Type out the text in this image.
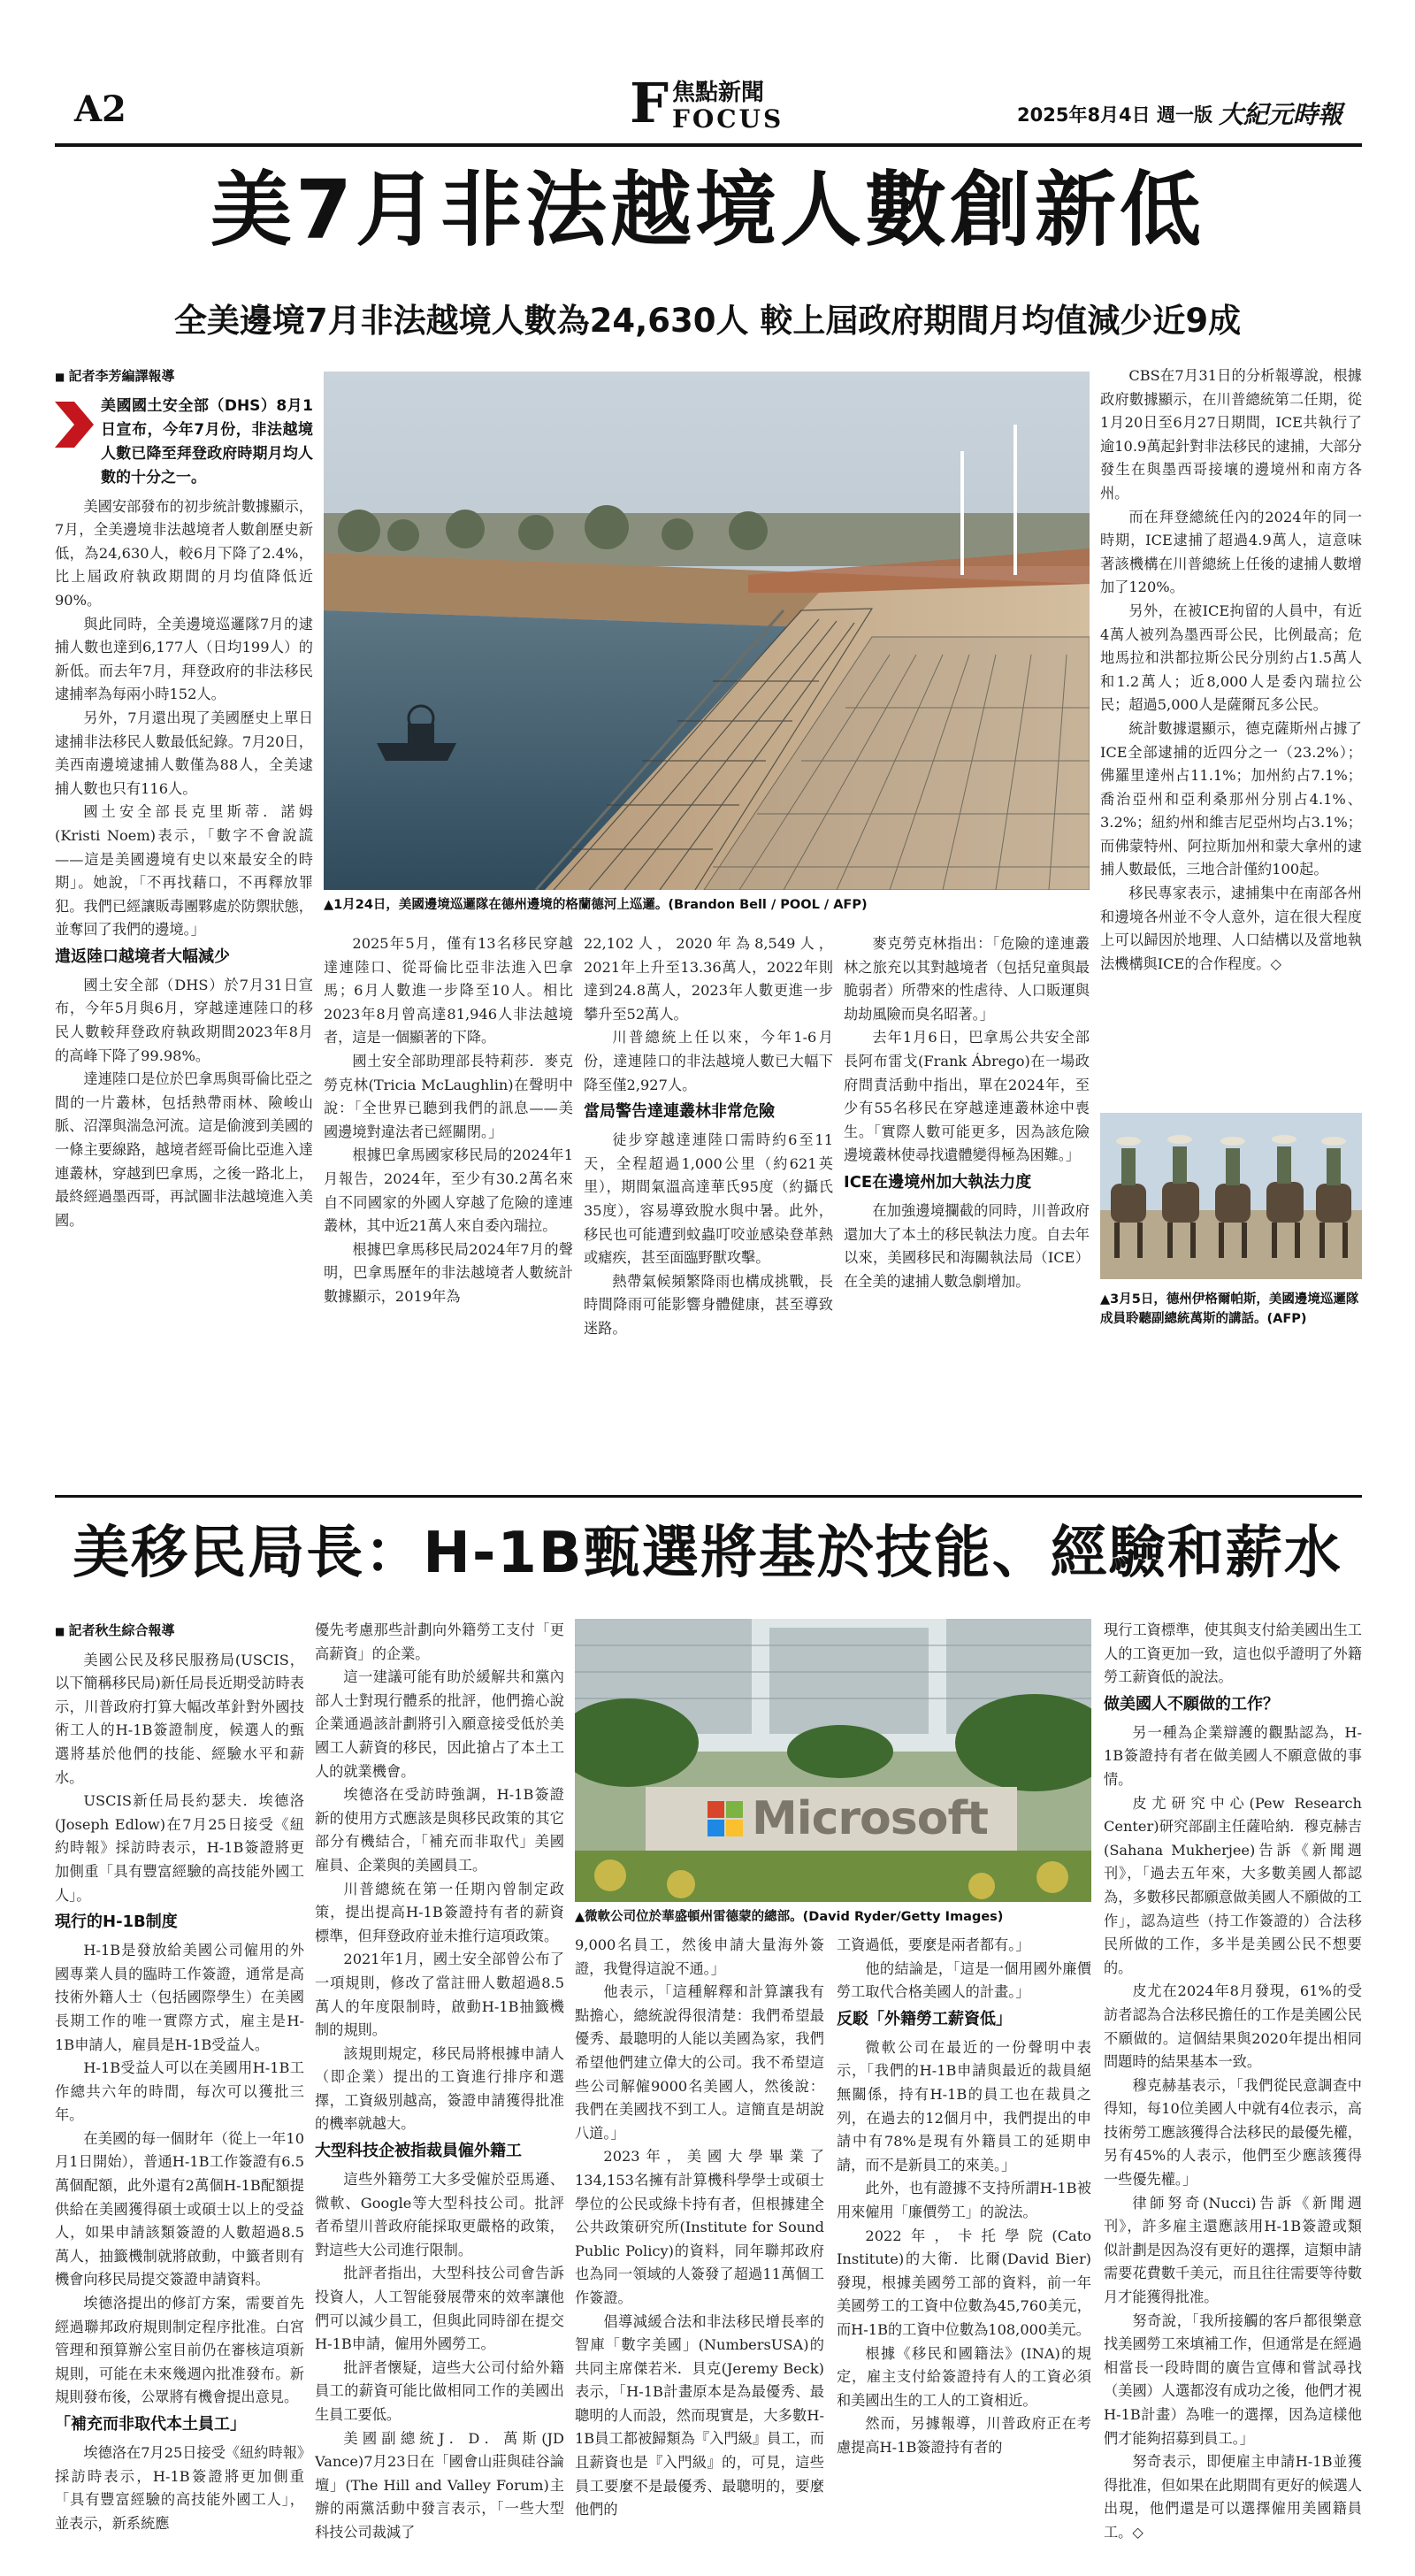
A2	F 焦點新聞
FOCUS	2025年8月4日 週一版 大紀元時報
美7月非法越境人數創新低
全美邊境7月非法越境人數為24,630人 較上屆政府期間月均值減少近9成
■ 記者李芳編譯報導

美國國土安全部（DHS）8月1日宣布，今年7月份，非法越境人數已降至拜登政府時期月均人數的十分之一。

美國安部發布的初步統計數據顯示，7月，全美邊境非法越境者人數創歷史新低，為24,630人，較6月下降了2.4%，比上屆政府執政期間的月均值降低近90%。

與此同時，全美邊境巡邏隊7月的逮捕人數也達到6,177人（日均199人）的新低。而去年7月，拜登政府的非法移民逮捕率為每兩小時152人。

另外，7月還出現了美國歷史上單日逮捕非法移民人數最低紀錄。7月20日，美西南邊境逮捕人數僅為88人，全美逮捕人數也只有116人。

國土安全部長克里斯蒂．諾姆(Kristi Noem)表示，「數字不會說謊——這是美國邊境有史以來最安全的時期」。她說，「不再找藉口，不再釋放罪犯。我們已經讓販毒團夥處於防禦狀態，並奪回了我們的邊境。」

遣返陸口越境者大幅減少

國土安全部（DHS）於7月31日宣布，今年5月與6月，穿越達連陸口的移民人數較拜登政府執政期間2023年8月的高峰下降了99.98%。

達連陸口是位於巴拿馬與哥倫比亞之間的一片叢林，包括熱帶雨林、險峻山脈、沼澤與湍急河流。這是偷渡到美國的一條主要線路，越境者經哥倫比亞進入達連叢林，穿越到巴拿馬，之後一路北上，最終經過墨西哥，再試圖非法越境進入美國。

▲1月24日，美國邊境巡邏隊在德州邊境的格蘭德河上巡邏。(Brandon Bell / POOL / AFP)

2025年5月，僅有13名移民穿越達連陸口、從哥倫比亞非法進入巴拿馬；6月人數進一步降至10人。相比2023年8月曾高達81,946人非法越境者，這是一個顯著的下降。

國土安全部助理部長特莉莎．麥克勞克林(Tricia McLaughlin)在聲明中說：「全世界已聽到我們的訊息——美國邊境對違法者已經關閉。」

根據巴拿馬國家移民局的2024年1月報告，2024年，至少有30.2萬名來自不同國家的外國人穿越了危險的達連叢林，其中近21萬人來自委內瑞拉。

根據巴拿馬移民局2024年7月的聲明，巴拿馬歷年的非法越境者人數統計數據顯示，2019年為

22,102人，2020年為8,549人，2021年上升至13.36萬人，2022年則達到24.8萬人，2023年人數更進一步攀升至52萬人。

川普總統上任以來，今年1-6月份，達連陸口的非法越境人數已大幅下降至僅2,927人。

當局警告達連叢林非常危險

徒步穿越達連陸口需時約6至11天，全程超過1,000公里（約621英里），期間氣溫高達華氏95度（約攝氏35度），容易導致脫水與中暑。此外，移民也可能遭到蚊蟲叮咬並感染登革熱或瘧疾，甚至面臨野獸攻擊。

熱帶氣候頻繁降雨也構成挑戰，長時間降雨可能影響身體健康，甚至導致迷路。

麥克勞克林指出：「危險的達連叢林之旅充以其對越境者（包括兒童與最脆弱者）所帶來的性虐待、人口販運與劫劫風險而臭名昭著。」

去年1月6日，巴拿馬公共安全部長阿布雷戈(Frank Ábrego)在一場政府問責活動中指出，單在2024年，至少有55名移民在穿越達連叢林途中喪生。「實際人數可能更多，因為該危險邊境叢林使尋找遺體變得極為困難。」

ICE在邊境州加大執法力度

在加強邊境攔截的同時，川普政府還加大了本土的移民執法力度。自去年以來，美國移民和海關執法局（ICE）在全美的逮捕人數急劇增加。

CBS在7月31日的分析報導說，根據政府數據顯示，在川普總統第二任期，從1月20日至6月27日期間，ICE共執行了逾10.9萬起針對非法移民的逮捕，大部分發生在與墨西哥接壤的邊境州和南方各州。

而在拜登總統任內的2024年的同一時期，ICE逮捕了超過4.9萬人，這意味著該機構在川普總統上任後的逮捕人數增加了120%。

另外，在被ICE拘留的人員中，有近4萬人被列為墨西哥公民，比例最高；危地馬拉和洪都拉斯公民分別約占1.5萬人和1.2萬人；近8,000人是委內瑞拉公民；超過5,000人是薩爾瓦多公民。

統計數據還顯示，德克薩斯州占據了ICE全部逮捕的近四分之一（23.2%）；佛羅里達州占11.1%；加州約占7.1%；喬治亞州和亞利桑那州分別占4.1%、3.2%；紐約州和維吉尼亞州均占3.1%；而佛蒙特州、阿拉斯加州和蒙大拿州的逮捕人數最低，三地合計僅約100起。

移民專家表示，逮捕集中在南部各州和邊境各州並不令人意外，這在很大程度上可以歸因於地理、人口結構以及當地執法機構與ICE的合作程度。◇

▲3月5日，德州伊格爾帕斯，美國邊境巡邏隊成員聆聽副總統萬斯的講話。(AFP)
美移民局長：H-1B甄選將基於技能、經驗和薪水
■ 記者秋生綜合報導

美國公民及移民服務局(USCIS，以下簡稱移民局)新任局長近期受訪時表示，川普政府打算大幅改革針對外國技術工人的H-1B簽證制度，候選人的甄選將基於他們的技能、經驗水平和薪水。

USCIS新任局長約瑟夫．埃德洛(Joseph Edlow)在7月25日接受《紐約時報》採訪時表示，H-1B簽證將更加側重「具有豐富經驗的高技能外國工人」。

現行的H-1B制度

H-1B是發放給美國公司僱用的外國專業人員的臨時工作簽證，通常是高技術外籍人士（包括國際學生）在美國長期工作的唯一實際方式，雇主是H-1B申請人，雇員是H-1B受益人。

H-1B受益人可以在美國用H-1B工作總共六年的時間，每次可以獲批三年。

在美國的每一個財年（從上一年10月1日開始），普通H-1B工作簽證有6.5萬個配額，此外還有2萬個H-1B配額提供給在美國獲得碩士或碩士以上的受益人，如果申請該類簽證的人數超過8.5萬人，抽籤機制就將啟動，中籤者則有機會向移民局提交簽證申請資料。

埃德洛提出的修訂方案，需要首先經過聯邦政府規則制定程序批准。白宮管理和預算辦公室目前仍在審核這項新規則，可能在未來幾週內批准發布。新規則發布後，公眾將有機會提出意見。

「補充而非取代本土員工」

埃德洛在7月25日接受《紐約時報》採訪時表示，H-1B簽證將更加側重「具有豐富經驗的高技能外國工人」，並表示，新系統應

優先考慮那些計劃向外籍勞工支付「更高薪資」的企業。

這一建議可能有助於緩解共和黨內部人士對現行體系的批評，他們擔心說企業通過該計劃將引入願意接受低於美國工人薪資的移民，因此搶占了本土工人的就業機會。

埃德洛在受訪時強調，H-1B簽證新的使用方式應該是與移民政策的其它部分有機結合，「補充而非取代」美國雇員、企業與的美國員工。

川普總統在第一任期內曾制定政策，提出提高H-1B簽證持有者的薪資標準，但拜登政府並未推行這項政策。

2021年1月，國土安全部曾公布了一項規則，修改了當註冊人數超過8.5萬人的年度限制時，啟動H-1B抽籤機制的規則。

該規則規定，移民局將根據申請人（即企業）提出的工資進行排序和選擇，工資級別越高，簽證申請獲得批准的機率就越大。

大型科技企被指裁員僱外籍工

這些外籍勞工大多受僱於亞馬遜、微軟、Google等大型科技公司。批評者希望川普政府能採取更嚴格的政策，對這些大公司進行限制。

批評者指出，大型科技公司會告訴投資人，人工智能發展帶來的效率讓他們可以減少員工，但與此同時卻在提交H-1B申請，僱用外國勞工。

批評者懷疑，這些大公司付給外籍員工的薪資可能比做相同工作的美國出生員工要低。

美國副總統J．D．萬斯(JD Vance)7月23日在「國會山莊與硅谷論壇」(The Hill and Valley Forum)主辦的兩黨活動中發言表示，「一些大型科技公司裁減了

Microsoft
▲微軟公司位於華盛頓州雷德蒙的總部。(David Ryder/Getty Images)

9,000名員工，然後申請大量海外簽證，我覺得這說不通。」

他表示，「這種解釋和計算讓我有點擔心，總統說得很清楚：我們希望最優秀、最聰明的人能以美國為家，我們希望他們建立偉大的公司。我不希望這些公司解僱9000名美國人，然後說：我們在美國找不到工人。這簡直是胡說八道。」

2023年，美國大學畢業了134,153名擁有計算機科學學士或碩士學位的公民或綠卡持有者，但根據建全公共政策研究所(Institute for Sound Public Policy)的資料，同年聯邦政府也為同一領域的人簽發了超過11萬個工作簽證。

倡導減緩合法和非法移民增長率的智庫「數字美國」(NumbersUSA)的共同主席傑若米．貝克(Jeremy Beck)表示，「H-1B計畫原本是為最優秀、最聰明的人而設，然而現實是，大多數H-1B員工都被歸類為『入門級』員工，而且薪資也是『入門級』的，可見，這些員工要麼不是最優秀、最聰明的，要麼他們的

工資過低，要麼是兩者都有。」

他的結論是，「這是一個用國外廉價勞工取代合格美國人的計畫。」

反駁「外籍勞工薪資低」

微軟公司在最近的一份聲明中表示，「我們的H-1B申請與最近的裁員絕無關係，持有H-1B的員工也在裁員之列，在過去的12個月中，我們提出的申請中有78%是現有外籍員工的延期申請，而不是新員工的來美。」

此外，也有證據不支持所謂H-1B被用來僱用「廉價勞工」的說法。

2022年，卡托學院(Cato Institute)的大衛．比爾(David Bier)發現，根據美國勞工部的資料，前一年美國勞工的工資中位數為45,760美元，而H-1B的工資中位數為108,000美元。

根據《移民和國籍法》(INA)的規定，雇主支付給簽證持有人的工資必須和美國出生的工人的工資相近。

然而，另據報導，川普政府正在考慮提高H-1B簽證持有者的

現行工資標準，使其與支付給美國出生工人的工資更加一致，這也似乎證明了外籍勞工薪資低的說法。

做美國人不願做的工作？

另一種為企業辯護的觀點認為，H-1B簽證持有者在做美國人不願意做的事情。

皮尤研究中心(Pew Research Center)研究部副主任薩哈納．穆克赫吉(Sahana Mukherjee)告訴《新聞週刊》，「過去五年來，大多數美國人都認為，多數移民都願意做美國人不願做的工作」，認為這些（持工作簽證的）合法移民所做的工作，多半是美國公民不想要的。

皮尤在2024年8月發現，61%的受訪者認為合法移民擔任的工作是美國公民不願做的。這個結果與2020年提出相同問題時的結果基本一致。

穆克赫基表示，「我們從民意調查中得知，每10位美國人中就有4位表示，高技術勞工應該獲得合法移民的最優先權，另有45%的人表示，他們至少應該獲得一些優先權。」

律師努奇(Nucci)告訴《新聞週刊》，許多雇主還應該用H-1B簽證或類似計劃是因為沒有更好的選擇，這類申請需要花費數千美元，而且往往需要等待數月才能獲得批准。

努奇說，「我所接觸的客戶都很樂意找美國勞工來填補工作，但通常是在經過相當長一段時間的廣告宣傳和嘗試尋找（美國）人選都沒有成功之後，他們才視H-1B計畫）為唯一的選擇，因為這樣他們才能夠招募到員工。」

努奇表示，即便雇主申請H-1B並獲得批准，但如果在此期間有更好的候選人出現，他們還是可以選擇僱用美國籍員工。◇
